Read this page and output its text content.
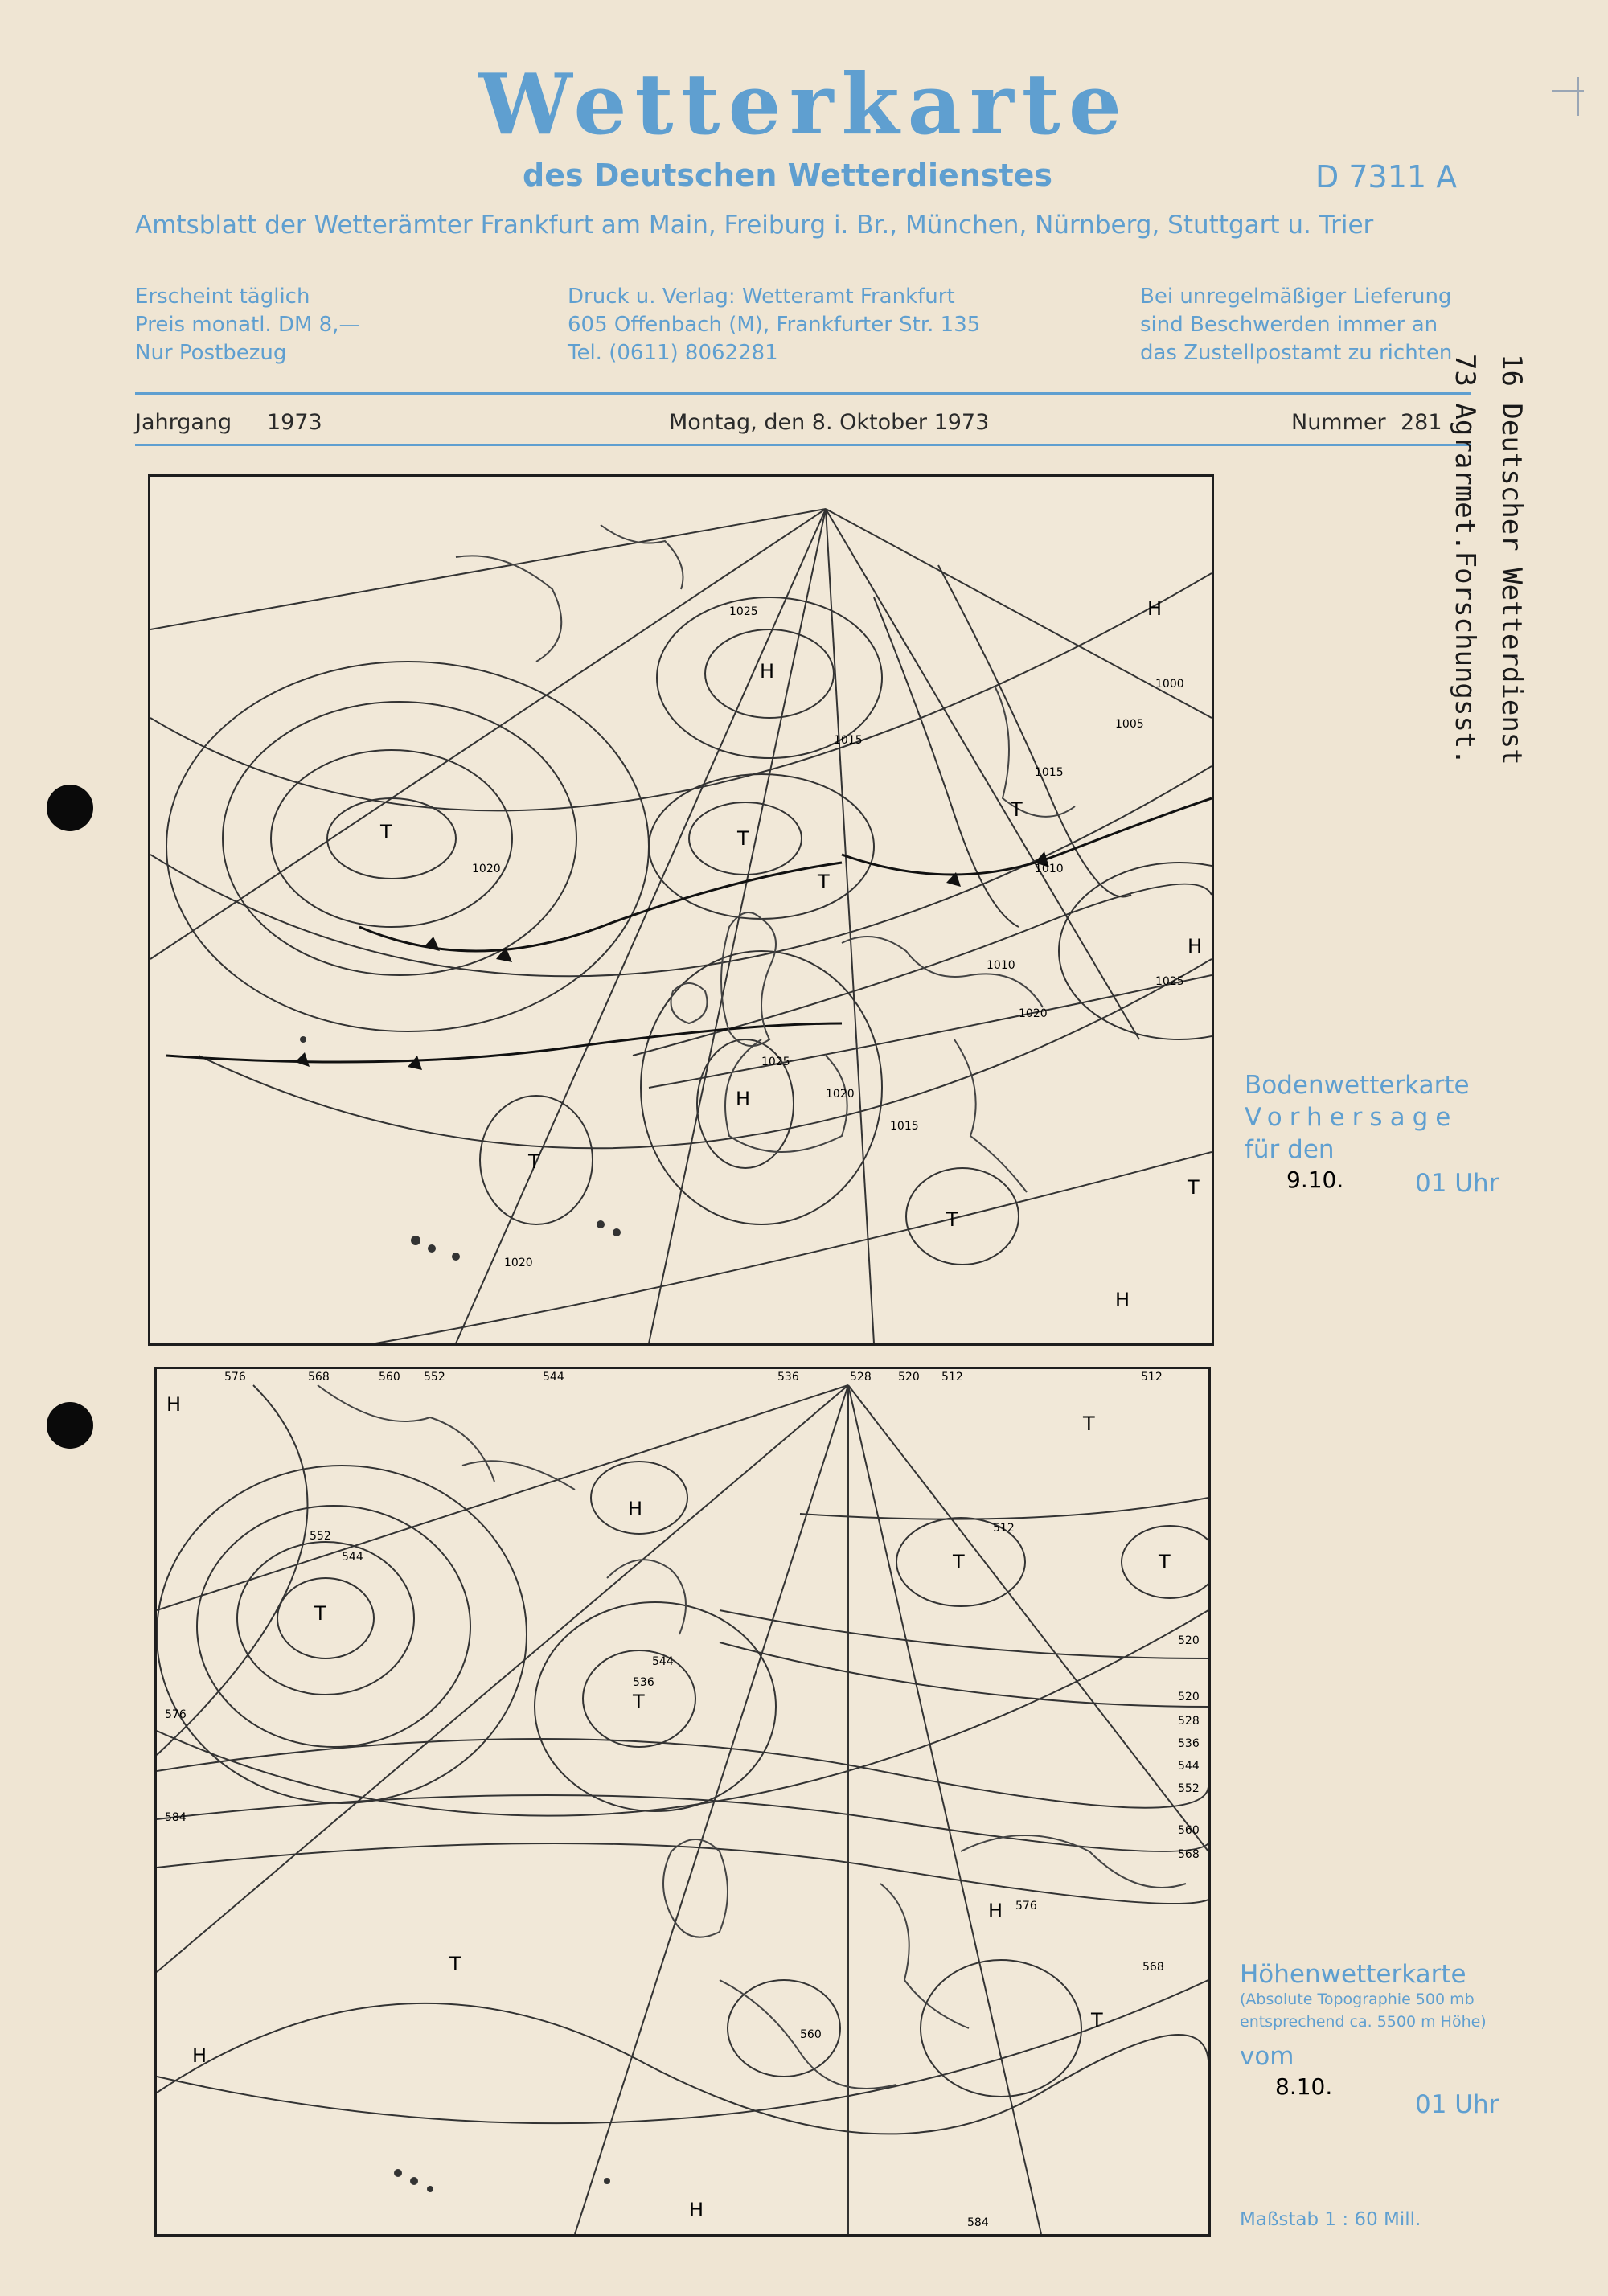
Wetterkarte
des Deutschen Wetterdienstes	D 7311 A
Amtsblatt der Wetterämter Frankfurt am Main, Freiburg i. Br., München, Nürnberg, Stuttgart u. Trier
Erscheint täglich
Preis monatl. DM 8,—
Nur Postbezug
Druck u. Verlag: Wetteramt Frankfurt
605 Offenbach (M), Frankfurter Str. 135
Tel. (0611) 8062281
Bei unregelmäßiger Lieferung
sind Beschwerden immer an
das Zustellpostamt zu richten
Jahrgang 1973	Montag, den 8. Oktober 1973	Nummer 281 16 Deutscher Wetterdienst
73 Agrarmet.Forschungsst.
1020
1025
1015
1010
1000
1005
1025
1015
1010
1020
1020
1015
1025
1020
T
T
T
T
T
T
T
H
H
H
H
H
Bodenwetterkarte
Vorhersage
für den
9.10.	01 Uhr
576	568	560 552	544	536	528 520 512	512
520
552
544
536
544
512
520
528
536
544
552
560
568
576
584
576
568
560
584
T
T
T	T
T
T
T
H
H
H
H
H
Höhenwetterkarte
(Absolute Topographie 500 mb
entsprechend ca. 5500 m Höhe)
vom
8.10.
01 Uhr
Maßstab 1 : 60 Mill.
